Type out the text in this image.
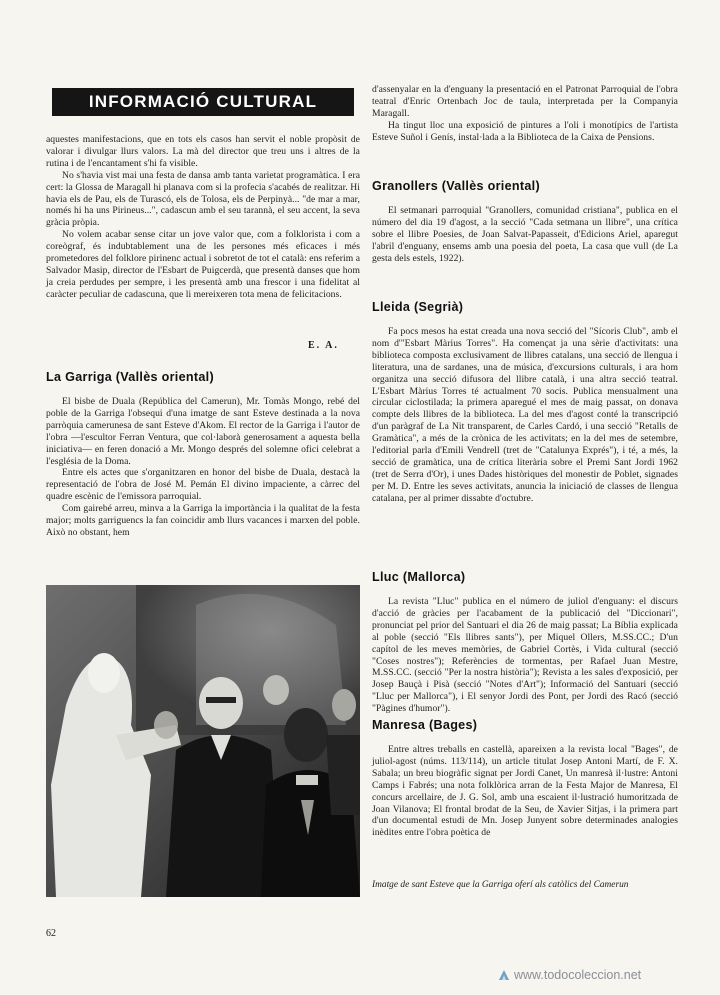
INFORMACIÓ CULTURAL

aquestes manifestacions, que en tots els casos han servit el noble propòsit de valorar i divulgar llurs valors. La mà del director que treu uns i altres de la rutina i de l'encantament s'hi fa visible.

No s'havia vist mai una festa de dansa amb tanta varietat programàtica. I era cert: la Glossa de Maragall hi planava com si la profecia s'acabés de realitzar. Hi havia els de Pau, els de Turascó, els de Tolosa, els de Perpinyà... "de mar a mar, només hi ha uns Pirineus...", cadascun amb el seu tarannà, el seu accent, la seva gràcia pròpia.

No volem acabar sense citar un jove valor que, com a folklorista i com a coreògraf, és indubtablement una de les persones més eficaces i més prometedores del folklore pirinenc actual i sobretot de tot el català: ens referim a Salvador Masip, director de l'Esbart de Puigcerdà, que presentà danses que hom ja creia perdudes per sempre, i les presentà amb una frescor i una fidelitat al caràcter peculiar de cadascuna, que li mereixeren tota mena de felicitacions.

E. A.
La Garriga (Vallès oriental)

El bisbe de Duala (República del Camerun), Mr. Tomàs Mongo, rebé del poble de la Garriga l'obsequi d'una imatge de sant Esteve destinada a la nova parròquia camerunesa de sant Esteve d'Akom. El rector de la Garriga i l'autor de l'obra —l'escultor Ferran Ventura, que col·laborà generosament a aquesta bella iniciativa— en feren donació a Mr. Mongo després del solemne ofici celebrat a l'església de la Doma.

Entre els actes que s'organitzaren en honor del bisbe de Duala, destacà la representació de l'obra de José M. Pemán El divino impaciente, a càrrec del quadre escènic de l'emissora parroquial.

Com gairebé arreu, minva a la Garriga la importància i la qualitat de la festa major; molts garriguencs la fan coincidir amb llurs vacances i marxen del poble. Això no obstant, hem

d'assenyalar en la d'enguany la presentació en el Patronat Parroquial de l'obra teatral d'Enric Ortenbach Joc de taula, interpretada per la Companyia Maragall.

Ha tingut lloc una exposició de pintures a l'oli i monotípics de l'artista Esteve Suñol i Genís, instal·lada a la Biblioteca de la Caixa de Pensions.

Granollers (Vallès oriental)

El setmanari parroquial "Granollers, comunidad cristiana", publica en el número del dia 19 d'agost, a la secció "Cada setmana un llibre", una crítica sobre el llibre Poesies, de Joan Salvat-Papasseit, d'Edicions Ariel, aparegut l'abril d'enguany, ensems amb una poesia del poeta, La casa que vull (de La gesta dels estels, 1922).

Lleida (Segrià)

Fa pocs mesos ha estat creada una nova secció del "Sícoris Club", amb el nom d'"Esbart Màrius Torres". Ha començat ja una sèrie d'activitats: una biblioteca composta exclusivament de llibres catalans, una secció de llengua i literatura, una de sardanes, una de música, d'excursions culturals, i ara hom organitza una secció difusora del llibre català, i una altra secció teatral. L'Esbart Màrius Torres té actualment 70 socis. Publica mensualment una circular ciclostilada; la primera aparegué el mes de maig passat, on donava compte dels llibres de la biblioteca. La del mes d'agost conté la transcripció d'un paràgraf de La Nit transparent, de Carles Cardó, i una secció "Retalls de Gramàtica", a més de la crònica de les activitats; en la del mes de setembre, l'editorial parla d'Emili Vendrell (tret de "Catalunya Exprés"), i té, a més, la secció de gramàtica, una de crítica literària sobre el Premi Sant Jordi 1962 (tret de Serra d'Or), i unes Dades històriques del monestir de Poblet, signades per M. D. Entre les seves activitats, anuncia la iniciació de classes de llengua catalana, per al primer dissabte d'octubre.

Lluc (Mallorca)

La revista "Lluc" publica en el número de juliol d'enguany: el discurs d'acció de gràcies per l'acabament de la publicació del "Diccionari", pronunciat pel prior del Santuari el dia 26 de maig passat; La Bíblia explicada al poble (secció "Els llibres sants"), per Miquel Ollers, M.SS.CC.; D'un capítol de les meves memòries, de Gabriel Cortès, i Vida cultural (secció "Coses nostres"); Referències de tormentas, per Rafael Juan Mestre, M.SS.CC. (secció "Per la nostra història"); Revista a les sales d'exposició, per Josep Bauçà i Pisà (secció "Notes d'Art"); Informació del Santuari (secció "Lluc per Mallorca"), i El senyor Jordi des Pont, per Jordi des Racó (secció "Pàgines d'humor").

Manresa (Bages)

Entre altres treballs en castellà, apareixen a la revista local "Bages", de juliol-agost (núms. 113/114), un article titulat Josep Antoni Martí, de F. X. Sabala; un breu biogràfic signat per Jordi Canet, Un manresà il·lustre: Antoni Camps i Fabrés; una nota folklòrica arran de la Festa Major de Manresa, El concurs arcellaire, de J. G. Sol, amb una escaient il·lustració humoritzada de Joan Vilanova; El frontal brodat de la Seu, de Xavier Sitjas, i la primera part d'un documental estudi de Mn. Josep Junyent sobre determinades analogies inèdites entre l'obra poètica de

Imatge de sant Esteve que la Garriga oferí als catòlics del Camerun
62
www.todocoleccion.net
